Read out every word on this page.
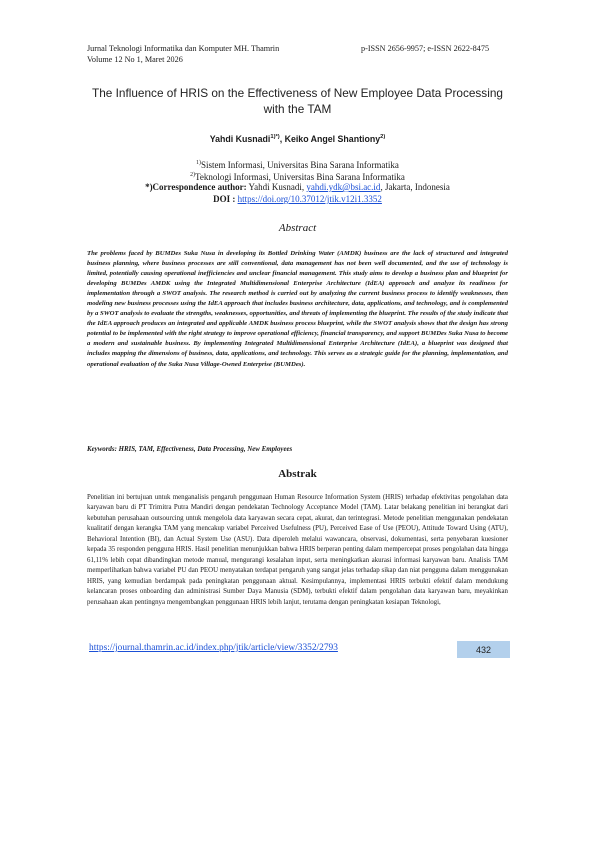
Jurnal Teknologi Informatika dan Komputer MH. Thamrin
Volume 12 No 1, Maret 2026
p-ISSN 2656-9957; e-ISSN 2622-8475
The Influence of HRIS on the Effectiveness of New Employee Data Processing with the TAM
Yahdi Kusnadi$^{1)*)}$, Keiko Angel Shantiony$^{2)}$
$^{1)}$Sistem Informasi, Universitas Bina Sarana Informatika
$^{2)}$Teknologi Informasi, Universitas Bina Sarana Informatika
*)Correspondence author: Yahdi Kusnadi, yahdi.ydk@bsi.ac.id, Jakarta, Indonesia
DOI : https://doi.org/10.37012/jtik.v12i1.3352
Abstract

The problems faced by BUMDes Suka Nusa in developing its Bottled Drinking Water (AMDK) business are the lack of structured and integrated business planning, where business processes are still conventional, data management has not been well documented, and the use of technology is limited, potentially causing operational inefficiencies and unclear financial management. This study aims to develop a business plan and blueprint for developing BUMDes AMDK using the Integrated Multidimensional Enterprise Architecture (IdEA) approach and analyze its readiness for implementation through a SWOT analysis. The research method is carried out by analyzing the current business process to identify weaknesses, then modeling new business processes using the IdEA approach that includes business architecture, data, applications, and technology, and is complemented by a SWOT analysis to evaluate the strengths, weaknesses, opportunities, and threats of implementing the blueprint. The results of the study indicate that the IdEA approach produces an integrated and applicable AMDK business process blueprint, while the SWOT analysis shows that the design has strong potential to be implemented with the right strategy to improve operational efficiency, financial transparency, and support BUMDes Suka Nusa to become a modern and sustainable business. By implementing Integrated Multidimensional Enterprise Architecture (IdEA), a blueprint was designed that includes mapping the dimensions of business, data, applications, and technology. This serves as a strategic guide for the planning, implementation, and operational evaluation of the Suka Nusa Village-Owned Enterprise (BUMDes).

Keywords: HRIS, TAM, Effectiveness, Data Processing, New Employees
Abstrak

Penelitian ini bertujuan untuk menganalisis pengaruh penggunaan Human Resource Information System (HRIS) terhadap efektivitas pengolahan data karyawan baru di PT Trimitra Putra Mandiri dengan pendekatan Technology Acceptance Model (TAM). Latar belakang penelitian ini berangkat dari kebutuhan perusahaan outsourcing untuk mengelola data karyawan secara cepat, akurat, dan terintegrasi. Metode penelitian menggunakan pendekatan kualitatif dengan kerangka TAM yang mencakup variabel Perceived Usefulness (PU), Perceived Ease of Use (PEOU), Attitude Toward Using (ATU), Behavioral Intention (BI), dan Actual System Use (ASU). Data diperoleh melalui wawancara, observasi, dokumentasi, serta penyebaran kuesioner kepada 35 responden pengguna HRIS. Hasil penelitian menunjukkan bahwa HRIS berperan penting dalam mempercepat proses pengolahan data hingga 61,11% lebih cepat dibandingkan metode manual, mengurangi kesalahan input, serta meningkatkan akurasi informasi karyawan baru. Analisis TAM memperlihatkan bahwa variabel PU dan PEOU menyatakan terdapat pengaruh yang sangat jelas terhadap sikap dan niat pengguna dalam menggunakan HRIS, yang kemudian berdampak pada peningkatan penggunaan aktual. Kesimpulannya, implementasi HRIS terbukti efektif dalam mendukung kelancaran proses onboarding dan administrasi Sumber Daya Manusia (SDM), terbukti efektif dalam pengolahan data karyawan baru, meyakinkan perusahaan akan pentingnya mengembangkan penggunaan HRIS lebih lanjut, terutama dengan peningkatan kesiapan Teknologi,

https://journal.thamrin.ac.id/index.php/jtik/article/view/3352/2793	432
